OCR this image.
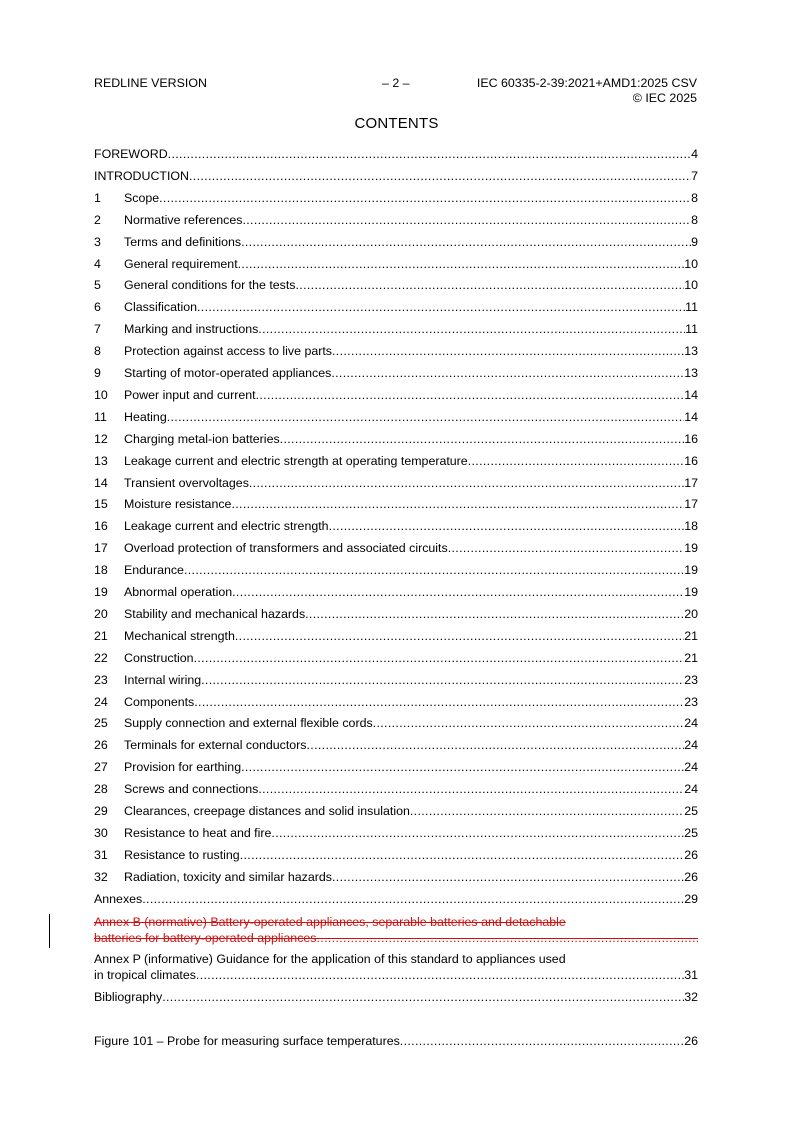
REDLINE VERSION	– 2 –	IEC 60335-2-39:2021+AMD1:2025 CSV
© IEC 2025
CONTENTS
FOREWORD .....	4
INTRODUCTION .....	7
1	Scope .....	8
2	Normative references .....	8
3	Terms and definitions .....	9
4	General requirement .....	10
5	General conditions for the tests .....	10
6	Classification .....	11
7	Marking and instructions .....	11
8	Protection against access to live parts .....	13
9	Starting of motor-operated appliances .....	13
10	Power input and current .....	14
11	Heating .....	14
12	Charging metal-ion batteries .....	16
13	Leakage current and electric strength at operating temperature .....	16
14	Transient overvoltages .....	17
15	Moisture resistance .....	17
16	Leakage current and electric strength .....	18
17	Overload protection of transformers and associated circuits .....	19
18	Endurance .....	19
19	Abnormal operation .....	19
20	Stability and mechanical hazards .....	20
21	Mechanical strength .....	21
22	Construction .....	21
23	Internal wiring .....	23
24	Components .....	23
25	Supply connection and external flexible cords .....	24
26	Terminals for external conductors .....	24
27	Provision for earthing .....	24
28	Screws and connections .....	24
29	Clearances, creepage distances and solid insulation .....	25
30	Resistance to heat and fire .....	25
31	Resistance to rusting .....	26
32	Radiation, toxicity and similar hazards .....	26
Annexes .....	29
Annex B (normative) Battery-operated appliances, separable batteries and detachable
batteries for battery-operated appliances
.....
Annex P (informative) Guidance for the application of this standard to appliances used
in tropical climates .....	31
Bibliography .....	32
Figure 101 – Probe for measuring surface temperatures .....	26
